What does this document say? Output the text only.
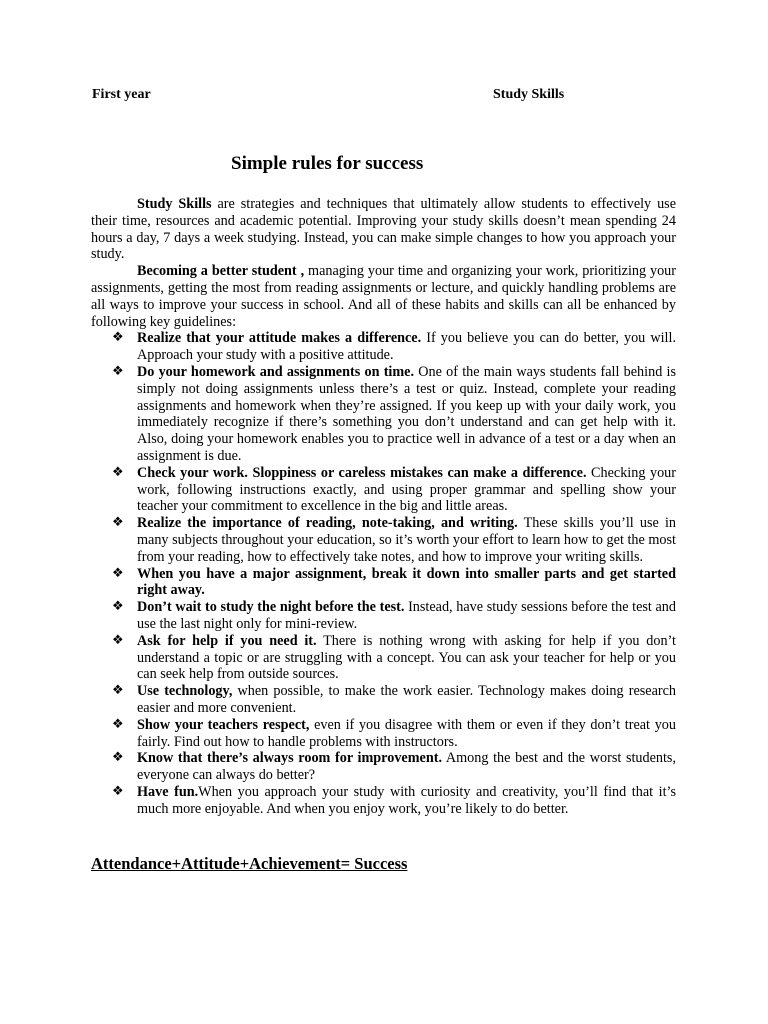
First year	Study Skills
Simple rules for success

Study Skills are strategies and techniques that ultimately allow students to effectively use their time, resources and academic potential. Improving your study skills doesn’t mean spending 24 hours a day, 7 days a week studying. Instead, you can make simple changes to how you approach your study.

Becoming a better student , managing your time and organizing your work, prioritizing your assignments, getting the most from reading assignments or lecture, and quickly handling problems are all ways to improve your success in school. And all of these habits and skills can all be enhanced by following key guidelines:

❖ Realize that your attitude makes a difference. If you believe you can do better, you will. Approach your study with a positive attitude.
❖ Do your homework and assignments on time. One of the main ways students fall behind is simply not doing assignments unless there’s a test or quiz. Instead, complete your reading assignments and homework when they’re assigned. If you keep up with your daily work, you immediately recognize if there’s something you don’t understand and can get help with it. Also, doing your homework enables you to practice well in advance of a test or a day when an assignment is due.
❖ Check your work. Sloppiness or careless mistakes can make a difference. Checking your work, following instructions exactly, and using proper grammar and spelling show your teacher your commitment to excellence in the big and little areas.
❖ Realize the importance of reading, note-taking, and writing. These skills you’ll use in many subjects throughout your education, so it’s worth your effort to learn how to get the most from your reading, how to effectively take notes, and how to improve your writing skills.
❖ When you have a major assignment, break it down into smaller parts and get started right away.
❖ Don’t wait to study the night before the test. Instead, have study sessions before the test and use the last night only for mini-review.
❖ Ask for help if you need it. There is nothing wrong with asking for help if you don’t understand a topic or are struggling with a concept. You can ask your teacher for help or you can seek help from outside sources.
❖ Use technology, when possible, to make the work easier. Technology makes doing research easier and more convenient.
❖ Show your teachers respect, even if you disagree with them or even if they don’t treat you fairly. Find out how to handle problems with instructors.
❖ Know that there’s always room for improvement. Among the best and the worst students, everyone can always do better?
❖ Have fun.When you approach your study with curiosity and creativity, you’ll find that it’s much more enjoyable. And when you enjoy work, you’re likely to do better.
Attendance+Attitude+Achievement= Success
